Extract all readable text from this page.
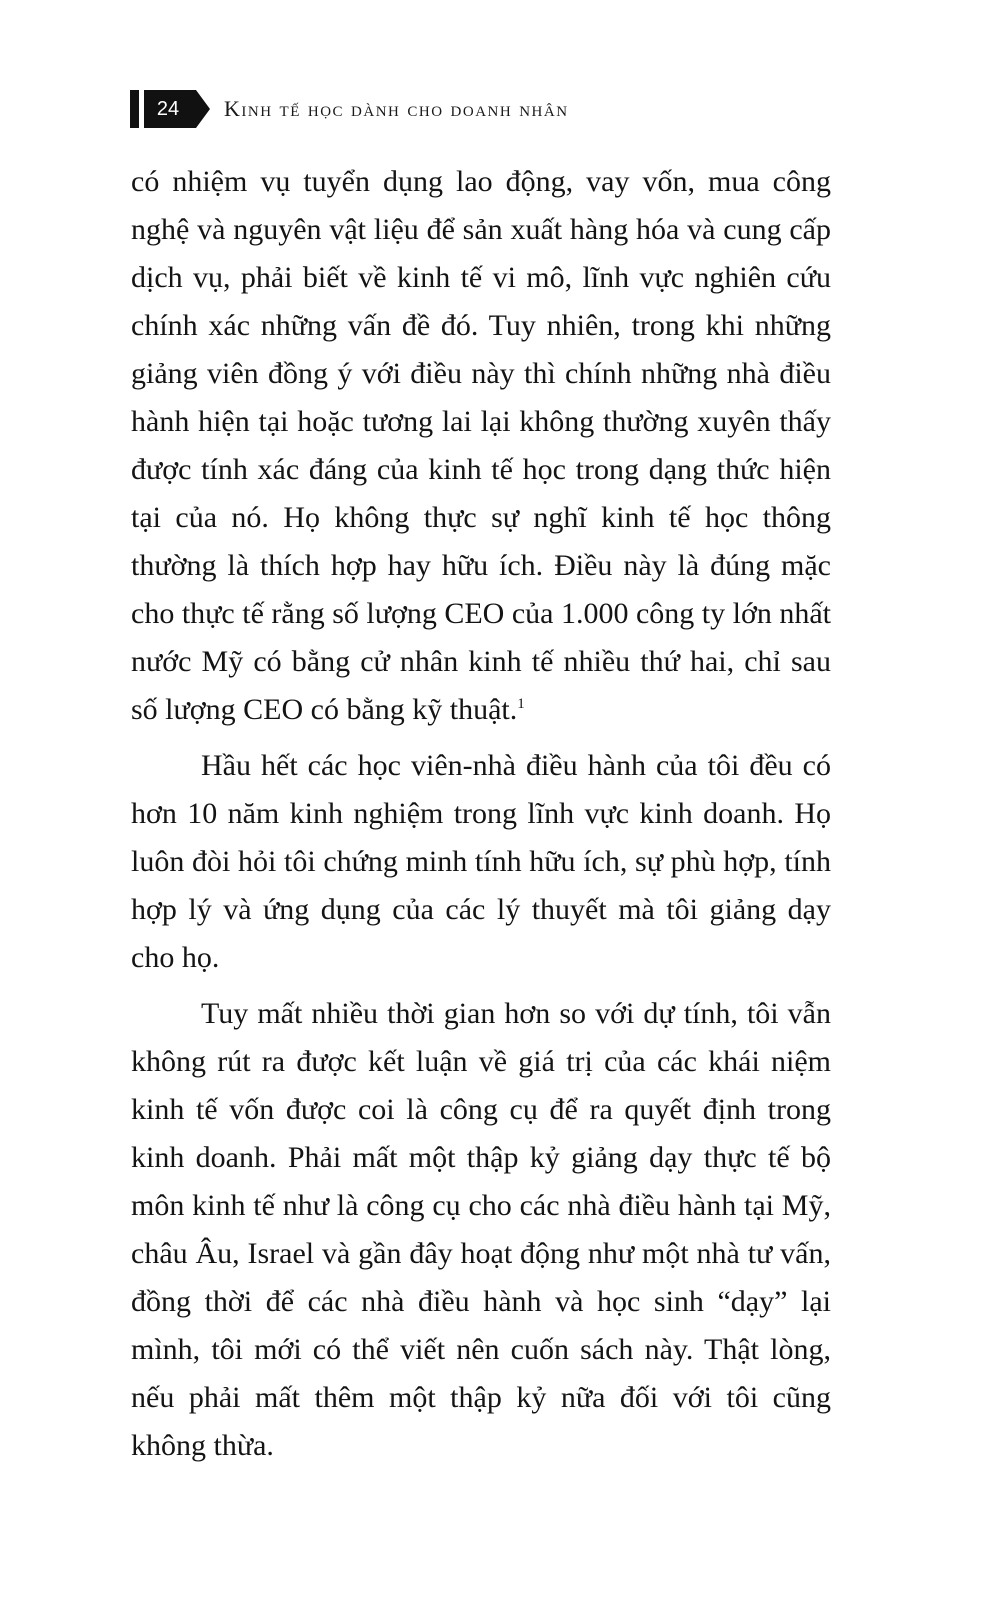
24 Kinh tế học dành cho doanh nhân

có nhiệm vụ tuyển dụng lao động, vay vốn, mua công nghệ và nguyên vật liệu để sản xuất hàng hóa và cung cấp dịch vụ, phải biết về kinh tế vi mô, lĩnh vực nghiên cứu chính xác những vấn đề đó. Tuy nhiên, trong khi những giảng viên đồng ý với điều này thì chính những nhà điều hành hiện tại hoặc tương lai lại không thường xuyên thấy được tính xác đáng của kinh tế học trong dạng thức hiện tại của nó. Họ không thực sự nghĩ kinh tế học thông thường là thích hợp hay hữu ích. Điều này là đúng mặc cho thực tế rằng số lượng CEO của 1.000 công ty lớn nhất nước Mỹ có bằng cử nhân kinh tế nhiều thứ hai, chỉ sau số lượng CEO có bằng kỹ thuật.$^1$

Hầu hết các học viên-nhà điều hành của tôi đều có hơn 10 năm kinh nghiệm trong lĩnh vực kinh doanh. Họ luôn đòi hỏi tôi chứng minh tính hữu ích, sự phù hợp, tính hợp lý và ứng dụng của các lý thuyết mà tôi giảng dạy cho họ.

Tuy mất nhiều thời gian hơn so với dự tính, tôi vẫn không rút ra được kết luận về giá trị của các khái niệm kinh tế vốn được coi là công cụ để ra quyết định trong kinh doanh. Phải mất một thập kỷ giảng dạy thực tế bộ môn kinh tế như là công cụ cho các nhà điều hành tại Mỹ, châu Âu, Israel và gần đây hoạt động như một nhà tư vấn, đồng thời để các nhà điều hành và học sinh “dạy” lại mình, tôi mới có thể viết nên cuốn sách này. Thật lòng, nếu phải mất thêm một thập kỷ nữa đối với tôi cũng không thừa.
